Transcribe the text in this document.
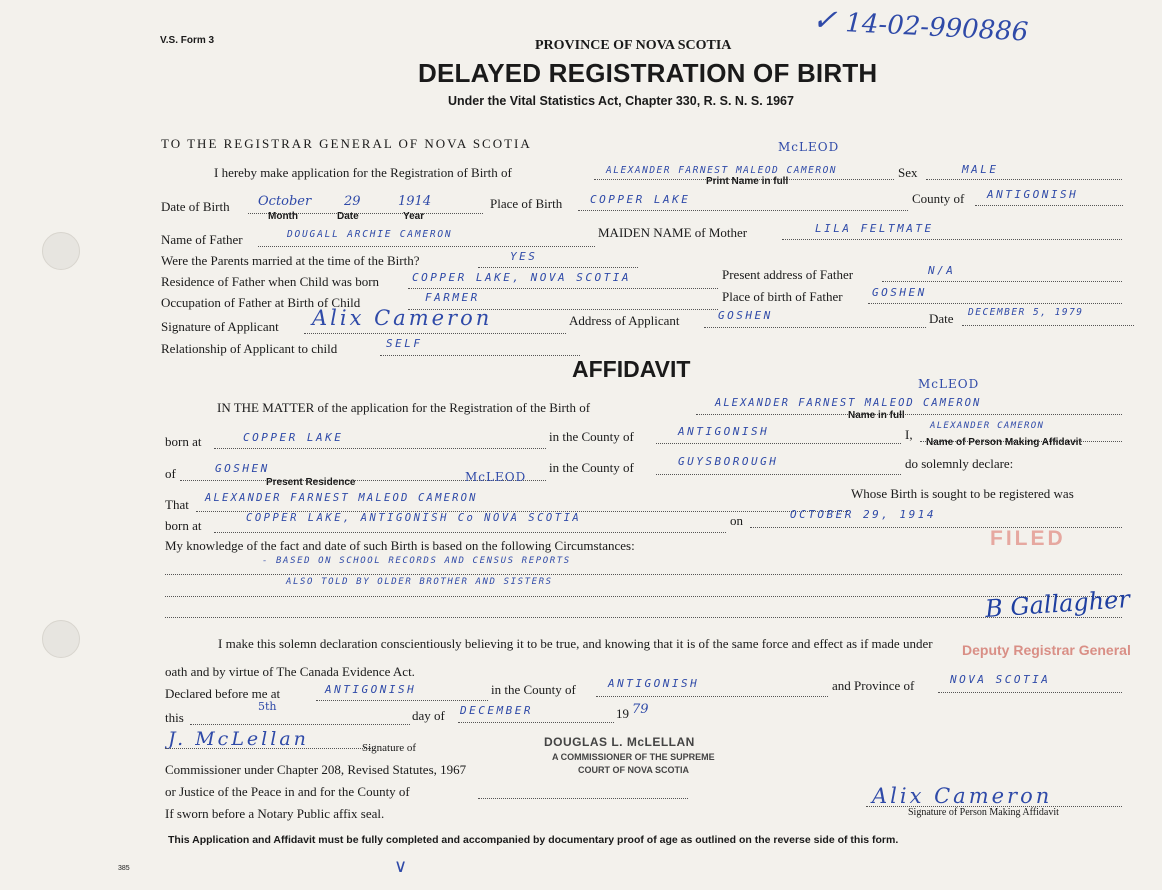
V.S. Form 3	PROVINCE OF NOVA SCOTIA
DELAYED REGISTRATION OF BIRTH
Under the Vital Statistics Act, Chapter 330, R. S. N. S. 1967
✓ 14-02-990886
TO THE REGISTRAR GENERAL OF NOVA SCOTIA
I hereby make application for the Registration of Birth of	ALEXANDER FARNEST MALEOD CAMERON
McLEOD
Print Name in full
Sex	MALE
Date of Birth October	29	1914
Month	Date	Year
Place of Birth	COPPER LAKE	County of ANTIGONISH
Name of Father	DOUGALL ARCHIE CAMERON	MAIDEN NAME of Mother	LILA FELTMATE
Were the Parents married at the time of the Birth?	YES
Residence of Father when Child was born	COPPER LAKE, NOVA SCOTIA	Present address of Father	N/A
Occupation of Father at Birth of Child	FARMER	Place of birth of Father	GOSHEN
Signature of Applicant Alix Cameron	Address of Applicant	GOSHEN	Date DECEMBER 5, 1979
Relationship of Applicant to child	SELF
AFFIDAVIT
IN THE MATTER of the application for the Registration of the Birth of	ALEXANDER FARNEST MALEOD CAMERON
McLEOD
Name in full
born at	COPPER LAKE	in the County of	ANTIGONISH	I,
ALEXANDER CAMERON
Name of Person Making Affidavit
of	GOSHEN
Present Residence
in the County of	GUYSBOROUGH	do solemnly declare:
That ALEXANDER FARNEST MALEOD CAMERON
McLEOD
Whose Birth is sought to be registered was
born at	COPPER LAKE, ANTIGONISH Co NOVA SCOTIA	on	OCTOBER 29, 1914
My knowledge of the fact and date of such Birth is based on the following Circumstances:
- BASED ON SCHOOL RECORDS AND CENSUS REPORTS
ALSO TOLD BY OLDER BROTHER AND SISTERS
FILED
B Gallagher
Deputy Registrar General
I make this solemn declaration conscientiously believing it to be true, and knowing that it is of the same force and effect as if made under
oath and by virtue of The Canada Evidence Act.
Declared before me at	ANTIGONISH	in the County of	ANTIGONISH	and Province of	NOVA SCOTIA
this
5th
day of DECEMBER	19 79
J. McLellan	Signature of	DOUGLAS L. McLELLAN
A COMMISSIONER OF THE SUPREME
COURT OF NOVA SCOTIA
Commissioner under Chapter 208, Revised Statutes, 1967
or Justice of the Peace in and for the County of
If sworn before a Notary Public affix seal.
Alix Cameron
Signature of Person Making Affidavit
This Application and Affidavit must be fully completed and accompanied by documentary proof of age as outlined on the reverse side of this form.
385	∨
